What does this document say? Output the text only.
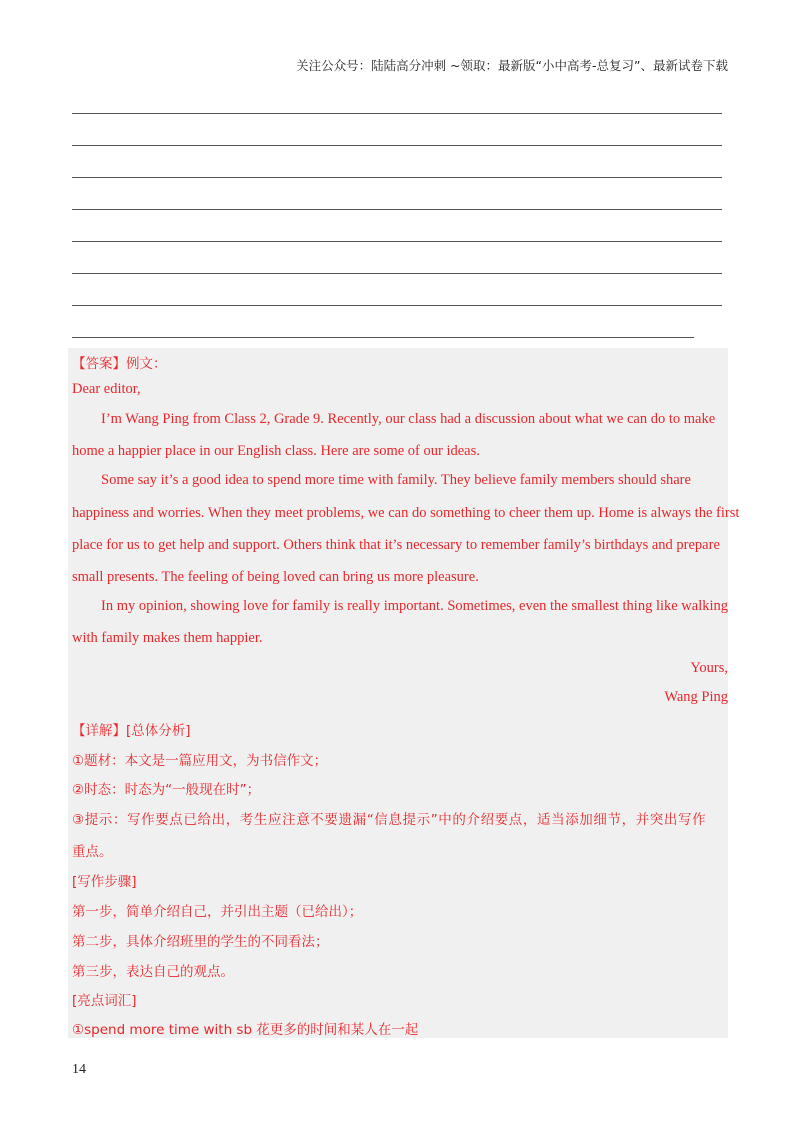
关注公众号：陆陆高分冲刺 ~领取：最新版“小中高考-总复习”、最新试卷下载
【答案】例文：
Dear editor,
I’m Wang Ping from Class 2, Grade 9. Recently, our class had a discussion about what we can do to make
home a happier place in our English class. Here are some of our ideas.
Some say it’s a good idea to spend more time with family. They believe family members should share
happiness and worries. When they meet problems, we can do something to cheer them up. Home is always the first
place for us to get help and support. Others think that it’s necessary to remember family’s birthdays and prepare
small presents. The feeling of being loved can bring us more pleasure.
In my opinion, showing love for family is really important. Sometimes, even the smallest thing like walking
with family makes them happier.
Yours,
Wang Ping
【详解】[总体分析]
①题材：本文是一篇应用文，为书信作文；
②时态：时态为“一般现在时”；
③提示：写作要点已给出，考生应注意不要遗漏“信息提示”中的介绍要点，适当添加细节，并突出写作
重点。
[写作步骤]
第一步，简单介绍自己，并引出主题（已给出）；
第二步，具体介绍班里的学生的不同看法；
第三步，表达自己的观点。
[亮点词汇]
①spend more time with sb 花更多的时间和某人在一起
14
